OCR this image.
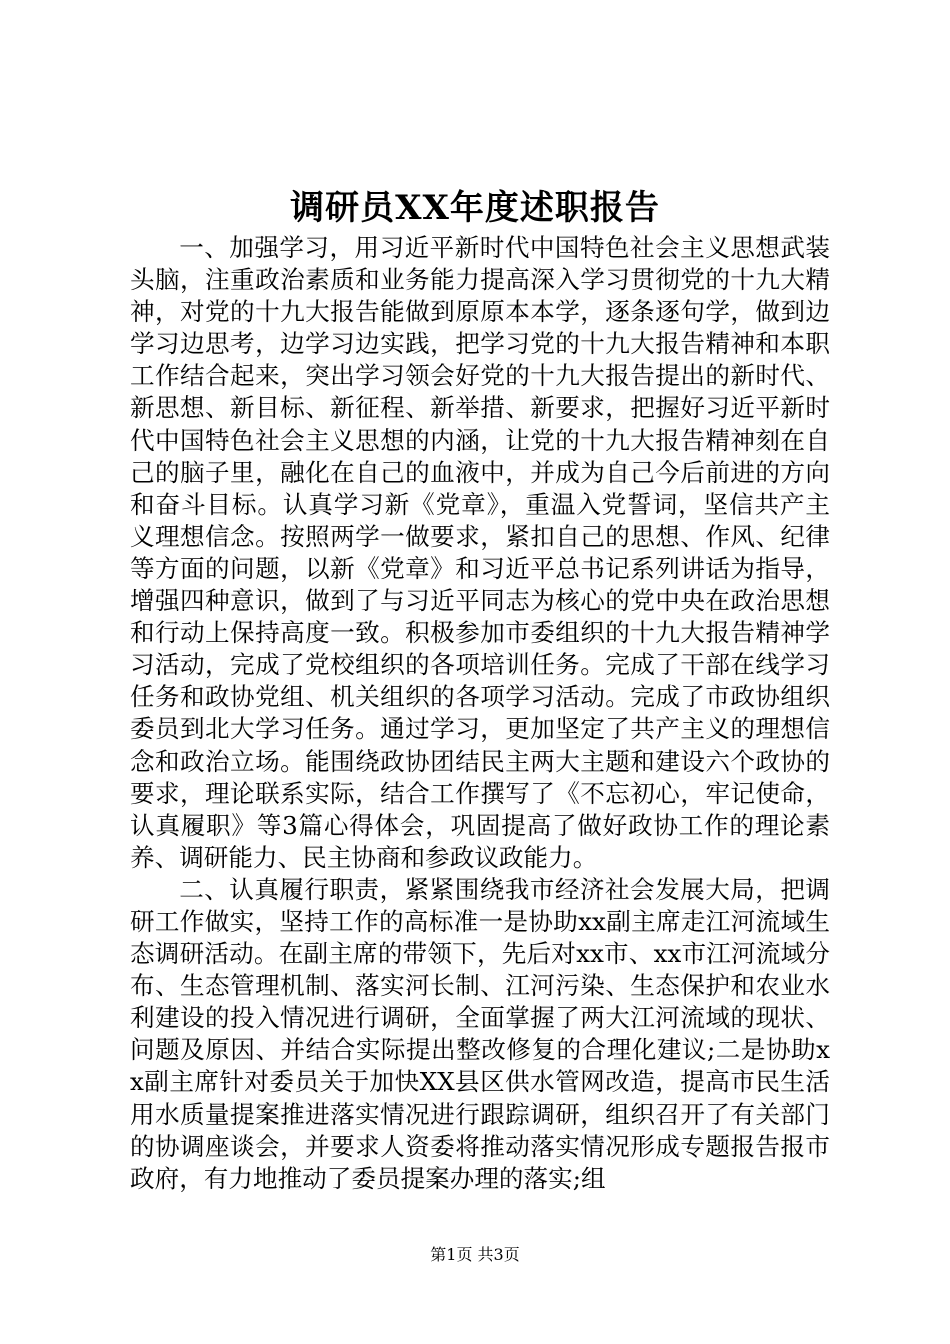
调研员XX年度述职报告

一、加强学习，用习近平新时代中国特色社会主义思想武装头脑，注重政治素质和业务能力提高深入学习贯彻党的十九大精神，对党的十九大报告能做到原原本本学，逐条逐句学，做到边学习边思考，边学习边实践，把学习党的十九大报告精神和本职工作结合起来，突出学习领会好党的十九大报告提出的新时代、新思想、新目标、新征程、新举措、新要求，把握好习近平新时代中国特色社会主义思想的内涵，让党的十九大报告精神刻在自己的脑子里，融化在自己的血液中，并成为自己今后前进的方向和奋斗目标。认真学习新《党章》，重温入党誓词，坚信共产主义理想信念。按照两学一做要求，紧扣自己的思想、作风、纪律等方面的问题，以新《党章》和习近平总书记系列讲话为指导，增强四种意识，做到了与习近平同志为核心的党中央在政治思想和行动上保持高度一致。积极参加市委组织的十九大报告精神学习活动，完成了党校组织的各项培训任务。完成了干部在线学习任务和政协党组、机关组织的各项学习活动。完成了市政协组织委员到北大学习任务。通过学习，更加坚定了共产主义的理想信念和政治立场。能围绕政协团结民主两大主题和建设六个政协的要求，理论联系实际，结合工作撰写了《不忘初心，牢记使命，认真履职》等3篇心得体会，巩固提高了做好政协工作的理论素养、调研能力、民主协商和参政议政能力。

二、认真履行职责，紧紧围绕我市经济社会发展大局，把调研工作做实，坚持工作的高标准一是协助xx副主席走江河流域生态调研活动。在副主席的带领下，先后对xx市、xx市江河流域分布、生态管理机制、落实河长制、江河污染、生态保护和农业水利建设的投入情况进行调研，全面掌握了两大江河流域的现状、问题及原因、并结合实际提出整改修复的合理化建议;二是协助xx副主席针对委员关于加快XX县区供水管网改造，提高市民生活用水质量提案推进落实情况进行跟踪调研，组织召开了有关部门的协调座谈会，并要求人资委将推动落实情况形成专题报告报市政府，有力地推动了委员提案办理的落实;组

第1页 共3页
